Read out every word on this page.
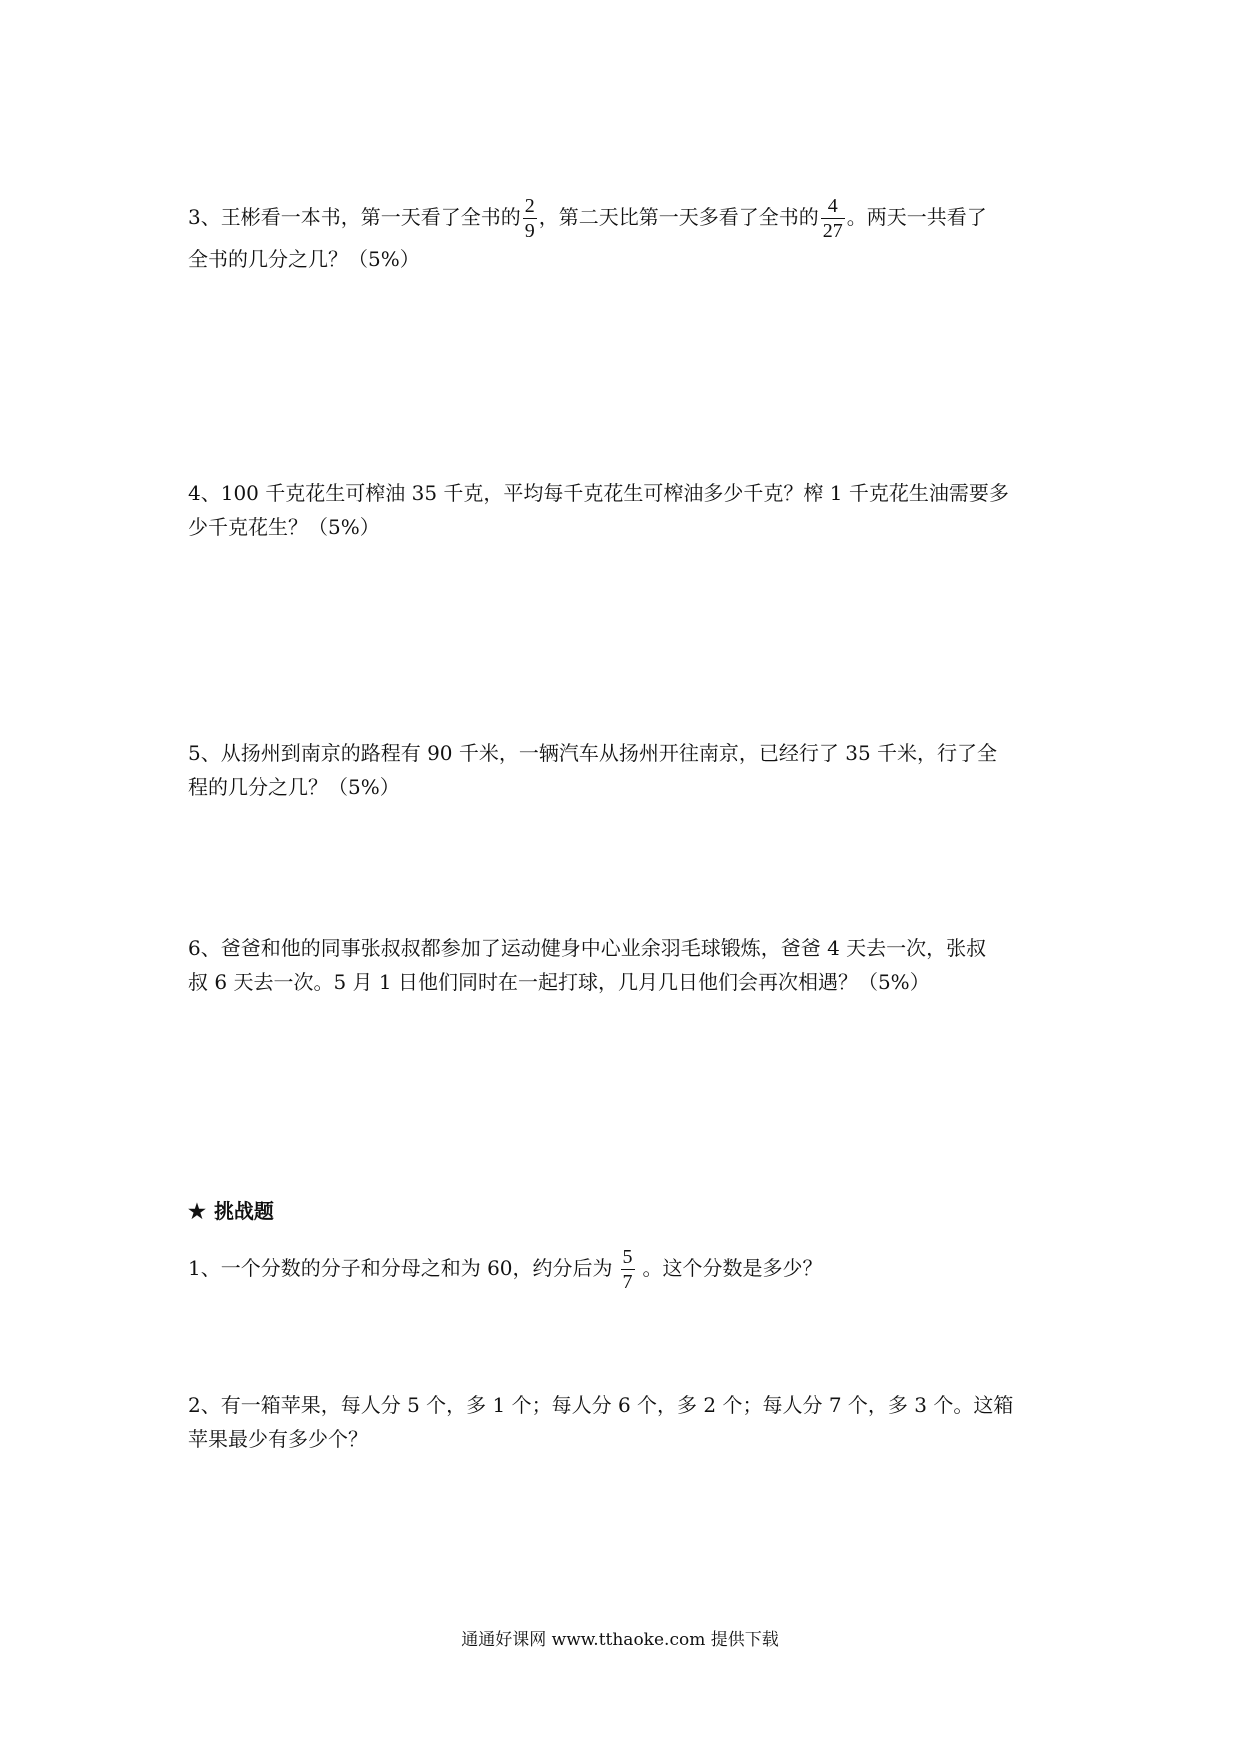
3、王彬看一本书，第一天看了全书的 $\frac{2}{9}$ ，第二天比第一天多看了全书的 $\frac{4}{27}$ 。两天一共看了
全书的几分之几？（5%）
4、100 千克花生可榨油 35 千克，平均每千克花生可榨油多少千克？榨 1 千克花生油需要多
少千克花生？（5%）
5、从扬州到南京的路程有 90 千米，一辆汽车从扬州开往南京，已经行了 35 千米，行了全
程的几分之几？（5%）
6、爸爸和他的同事张叔叔都参加了运动健身中心业余羽毛球锻炼，爸爸 4 天去一次，张叔
叔 6 天去一次。5 月 1 日他们同时在一起打球，几月几日他们会再次相遇？（5%）
★ 挑战题
1、一个分数的分子和分母之和为 60，约分后为 $\frac{5}{7}$ 。这个分数是多少？
2、有一箱苹果，每人分 5 个，多 1 个；每人分 6 个，多 2 个；每人分 7 个，多 3 个。这箱
苹果最少有多少个？
通通好课网 www.tthaoke.com 提供下载
